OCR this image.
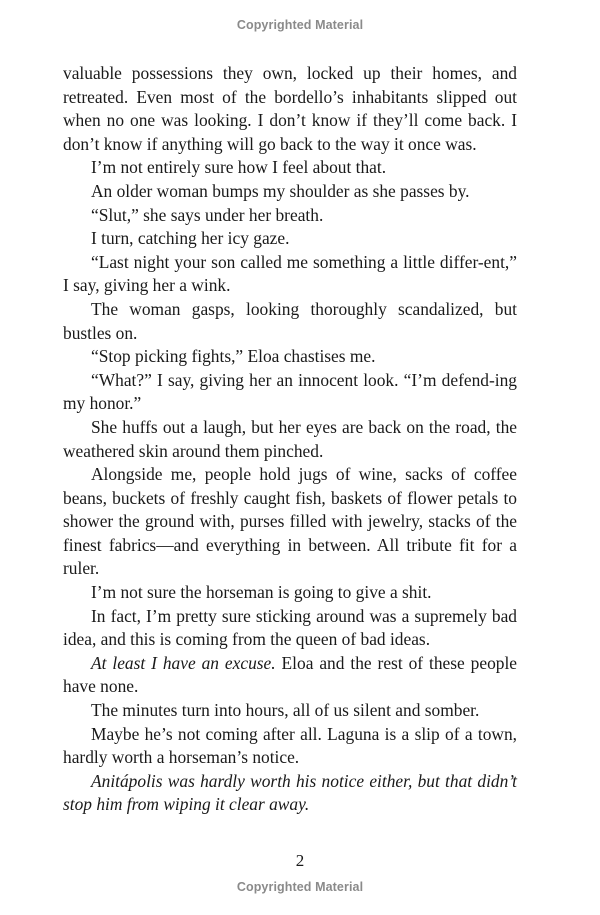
Copyrighted Material

valuable possessions they own, locked up their homes, and retreated. Even most of the bordello’s inhabitants slipped out when no one was looking. I don’t know if they’ll come back. I don’t know if anything will go back to the way it once was.

I’m not entirely sure how I feel about that.

An older woman bumps my shoulder as she passes by.

“Slut,” she says under her breath.

I turn, catching her icy gaze.

“Last night your son called me something a little differ-ent,” I say, giving her a wink.

The woman gasps, looking thoroughly scandalized, but bustles on.

“Stop picking fights,” Eloa chastises me.

“What?” I say, giving her an innocent look. “I’m defend-ing my honor.”

She huffs out a laugh, but her eyes are back on the road, the weathered skin around them pinched.

Alongside me, people hold jugs of wine, sacks of coffee beans, buckets of freshly caught fish, baskets of flower petals to shower the ground with, purses filled with jewelry, stacks of the finest fabrics—and everything in between. All tribute fit for a ruler.

I’m not sure the horseman is going to give a shit.

In fact, I’m pretty sure sticking around was a supremely bad idea, and this is coming from the queen of bad ideas.

At least I have an excuse. Eloa and the rest of these people have none.

The minutes turn into hours, all of us silent and somber.

Maybe he’s not coming after all. Laguna is a slip of a town, hardly worth a horseman’s notice.

Anitápolis was hardly worth his notice either, but that didn’t stop him from wiping it clear away.

2
Copyrighted Material
